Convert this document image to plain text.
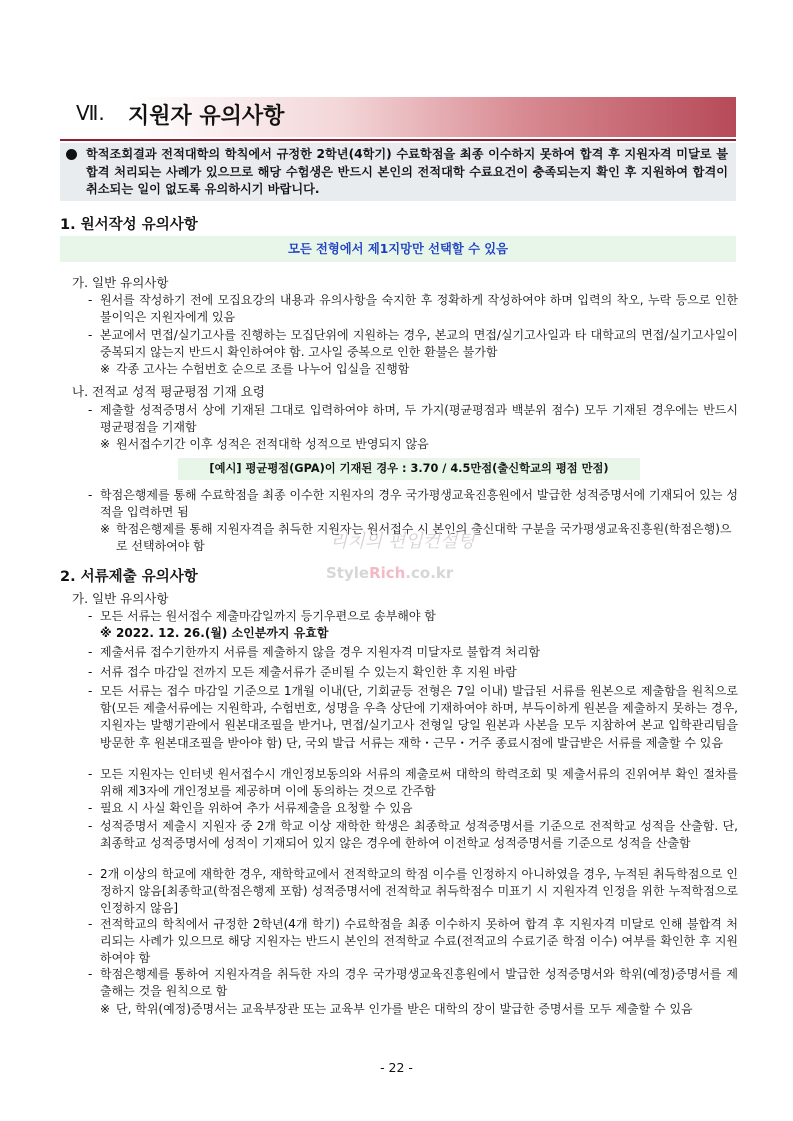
Ⅶ. 지원자 유의사항
학적조회결과 전적대학의 학칙에서 규정한 2학년(4학기) 수료학점을 최종 이수하지 못하여 합격 후 지원자격 미달로 불합격 처리되는 사례가 있으므로 해당 수험생은 반드시 본인의 전적대학 수료요건이 충족되는지 확인 후 지원하여 합격이 취소되는 일이 없도록 유의하시기 바랍니다.
1. 원서작성 유의사항
모든 전형에서 제1지망만 선택할 수 있음
가. 일반 유의사항
- 원서를 작성하기 전에 모집요강의 내용과 유의사항을 숙지한 후 정확하게 작성하여야 하며 입력의 착오, 누락 등으로 인한 불이익은 지원자에게 있음
- 본교에서 면접/실기고사를 진행하는 모집단위에 지원하는 경우, 본교의 면접/실기고사일과 타 대학교의 면접/실기고사일이 중복되지 않는지 반드시 확인하여야 함. 고사일 중복으로 인한 환불은 불가함
※ 각종 고사는 수험번호 순으로 조를 나누어 입실을 진행함
나. 전적교 성적 평균평점 기재 요령
- 제출할 성적증명서 상에 기재된 그대로 입력하여야 하며, 두 가지(평균평점과 백분위 점수) 모두 기재된 경우에는 반드시 평균평점을 기재함
※ 원서접수기간 이후 성적은 전적대학 성적으로 반영되지 않음
[예시] 평균평점(GPA)이 기재된 경우 : 3.70 / 4.5만점(출신학교의 평점 만점)
- 학점은행제를 통해 수료학점을 최종 이수한 지원자의 경우 국가평생교육진흥원에서 발급한 성적증명서에 기재되어 있는 성적을 입력하면 됨
※ 학점은행제를 통해 지원자격을 취득한 지원자는 원서접수 시 본인의 출신대학 구분을 국가평생교육진흥원(학점은행)으로 선택하여야 함	리치의 편입컨설팅
StyleRich.co.kr
2. 서류제출 유의사항
가. 일반 유의사항
- 모든 서류는 원서접수 제출마감일까지 등기우편으로 송부해야 함
※ 2022. 12. 26.(월) 소인분까지 유효함
- 제출서류 접수기한까지 서류를 제출하지 않을 경우 지원자격 미달자로 불합격 처리함
- 서류 접수 마감일 전까지 모든 제출서류가 준비될 수 있는지 확인한 후 지원 바람
- 모든 서류는 접수 마감일 기준으로 1개월 이내(단, 기회균등 전형은 7일 이내) 발급된 서류를 원본으로 제출함을 원칙으로 함(모든 제출서류에는 지원학과, 수험번호, 성명을 우측 상단에 기재하여야 하며, 부득이하게 원본을 제출하지 못하는 경우, 지원자는 발행기관에서 원본대조필을 받거나, 면접/실기고사 전형일 당일 원본과 사본을 모두 지참하여 본교 입학관리팀을 방문한 후 원본대조필을 받아야 함) 단, 국외 발급 서류는 재학・근무・거주 종료시점에 발급받은 서류를 제출할 수 있음
- 모든 지원자는 인터넷 원서접수시 개인정보동의와 서류의 제출로써 대학의 학력조회 및 제출서류의 진위여부 확인 절차를 위해 제3자에 개인정보를 제공하며 이에 동의하는 것으로 간주함
- 필요 시 사실 확인을 위하여 추가 서류제출을 요청할 수 있음
- 성적증명서 제출시 지원자 중 2개 학교 이상 재학한 학생은 최종학교 성적증명서를 기준으로 전적학교 성적을 산출함. 단, 최종학교 성적증명서에 성적이 기재되어 있지 않은 경우에 한하여 이전학교 성적증명서를 기준으로 성적을 산출함
- 2개 이상의 학교에 재학한 경우, 재학학교에서 전적학교의 학점 이수를 인정하지 아니하였을 경우, 누적된 취득학점으로 인정하지 않음[최종학교(학점은행제 포함) 성적증명서에 전적학교 취득학점수 미표기 시 지원자격 인정을 위한 누적학점으로 인정하지 않음]
- 전적학교의 학칙에서 규정한 2학년(4개 학기) 수료학점을 최종 이수하지 못하여 합격 후 지원자격 미달로 인해 불합격 처리되는 사례가 있으므로 해당 지원자는 반드시 본인의 전적학교 수료(전적교의 수료기준 학점 이수) 여부를 확인한 후 지원하여야 함
- 학점은행제를 통하여 지원자격을 취득한 자의 경우 국가평생교육진흥원에서 발급한 성적증명서와 학위(예정)증명서를 제출해는 것을 원칙으로 함
※ 단, 학위(예정)증명서는 교육부장관 또는 교육부 인가를 받은 대학의 장이 발급한 증명서를 모두 제출할 수 있음
- 22 -
